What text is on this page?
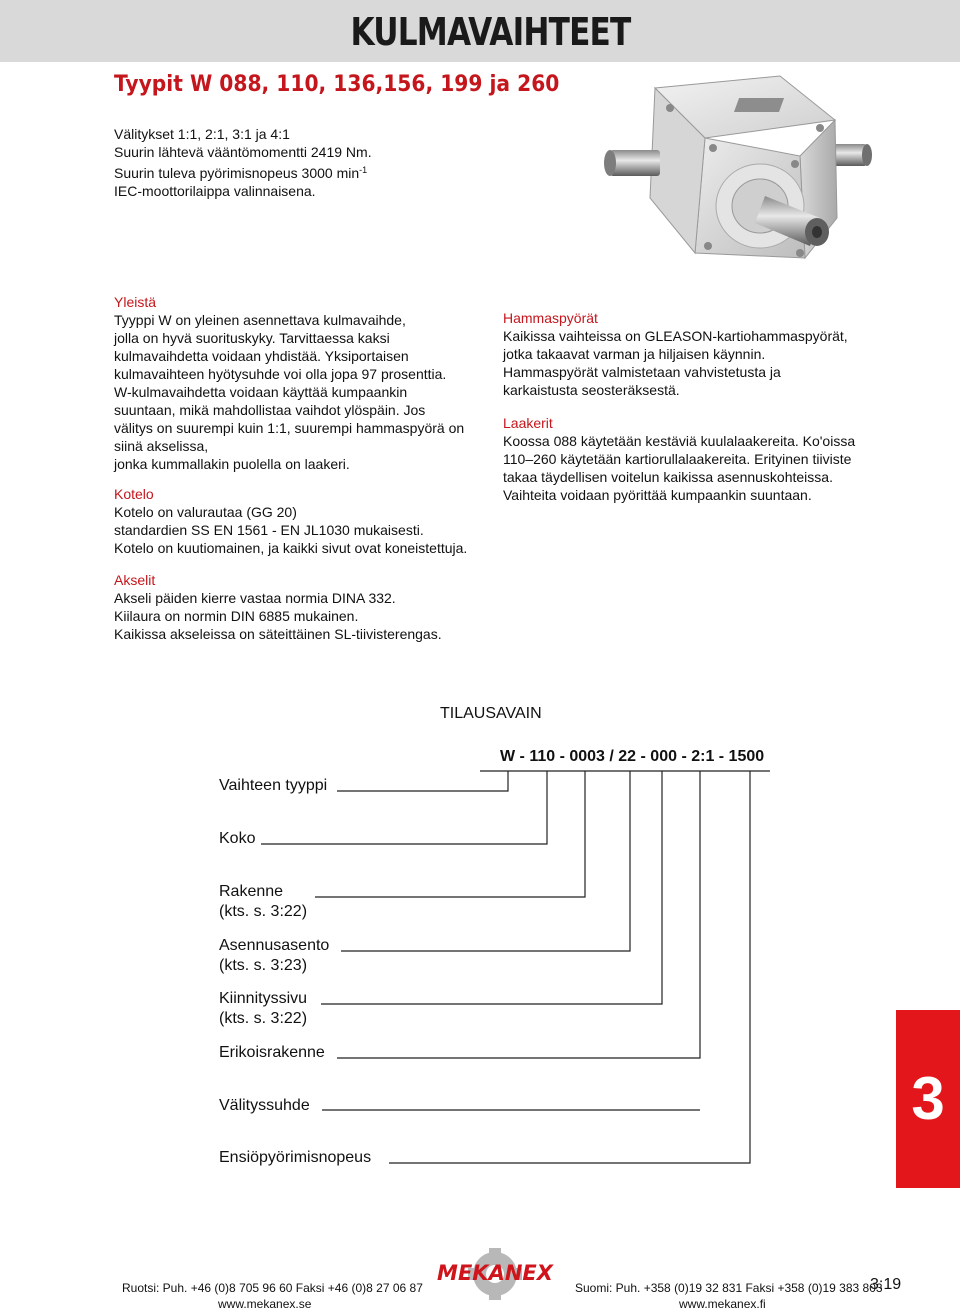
KULMAVAIHTEET
Tyypit W 088, 110, 136,156, 199 ja 260
Välitykset 1:1, 2:1, 3:1 ja 4:1
Suurin lähtevä vääntömomentti 2419 Nm.
Suurin tuleva pyörimisnopeus 3000 $\min^{-1}$
IEC-moottorilaippa valinnaisena.
Yleistä
Tyyppi W on yleinen asennettava kulmavaihde,
jolla on hyvä suorituskyky. Tarvittaessa kaksi
kulmavaihdetta voidaan yhdistää. Yksiportaisen
kulmavaihteen hyötysuhde voi olla jopa 97 prosenttia.
W-kulmavaihdetta voidaan käyttää kumpaankin
suuntaan, mikä mahdollistaa vaihdot ylöspäin. Jos
välitys on suurempi kuin 1:1, suurempi hammaspyörä on
siinä akselissa,
jonka kummallakin puolella on laakeri.
Kotelo
Kotelo on valurautaa (GG 20)
standardien SS EN 1561 - EN JL1030 mukaisesti.
Kotelo on kuutiomainen, ja kaikki sivut ovat koneistettuja.
Akselit
Akseli päiden kierre vastaa normia DINA 332.
Kiilaura on normin DIN 6885 mukainen.
Kaikissa akseleissa on säteittäinen SL-tiivisterengas.
Hammaspyörät
Kaikissa vaihteissa on GLEASON-kartiohammaspyörät,
jotka takaavat varman ja hiljaisen käynnin.
Hammaspyörät valmistetaan vahvistetusta ja
karkaistusta seosteräksestä.
Laakerit
Koossa 088 käytetään kestäviä kuulalaakereita. Ko'oissa
110–260 käytetään kartiorullalaakereita. Erityinen tiiviste
takaa täydellisen voitelun kaikissa asennuskohteissa.
Vaihteita voidaan pyörittää kumpaankin suuntaan.
TILAUSAVAIN
W - 110 - 0003 / 22 - 000 - 2:1 - 1500
Vaihteen tyyppi
Koko
Rakenne
(kts. s. 3:22)
Asennusasento
(kts. s. 3:23)
Kiinnityssivu
(kts. s. 3:22)
Erikoisrakenne
Välityssuhde
Ensiöpyörimisnopeus
3
Ruotsi: Puh. +46 (0)8 705 96 60 Faksi +46 (0)8 27 06 87
www.mekanex.se
MEKANEX
Suomi: Puh. +358 (0)19 32 831 Faksi +358 (0)19 383 803
www.mekanex.fi
3:19
